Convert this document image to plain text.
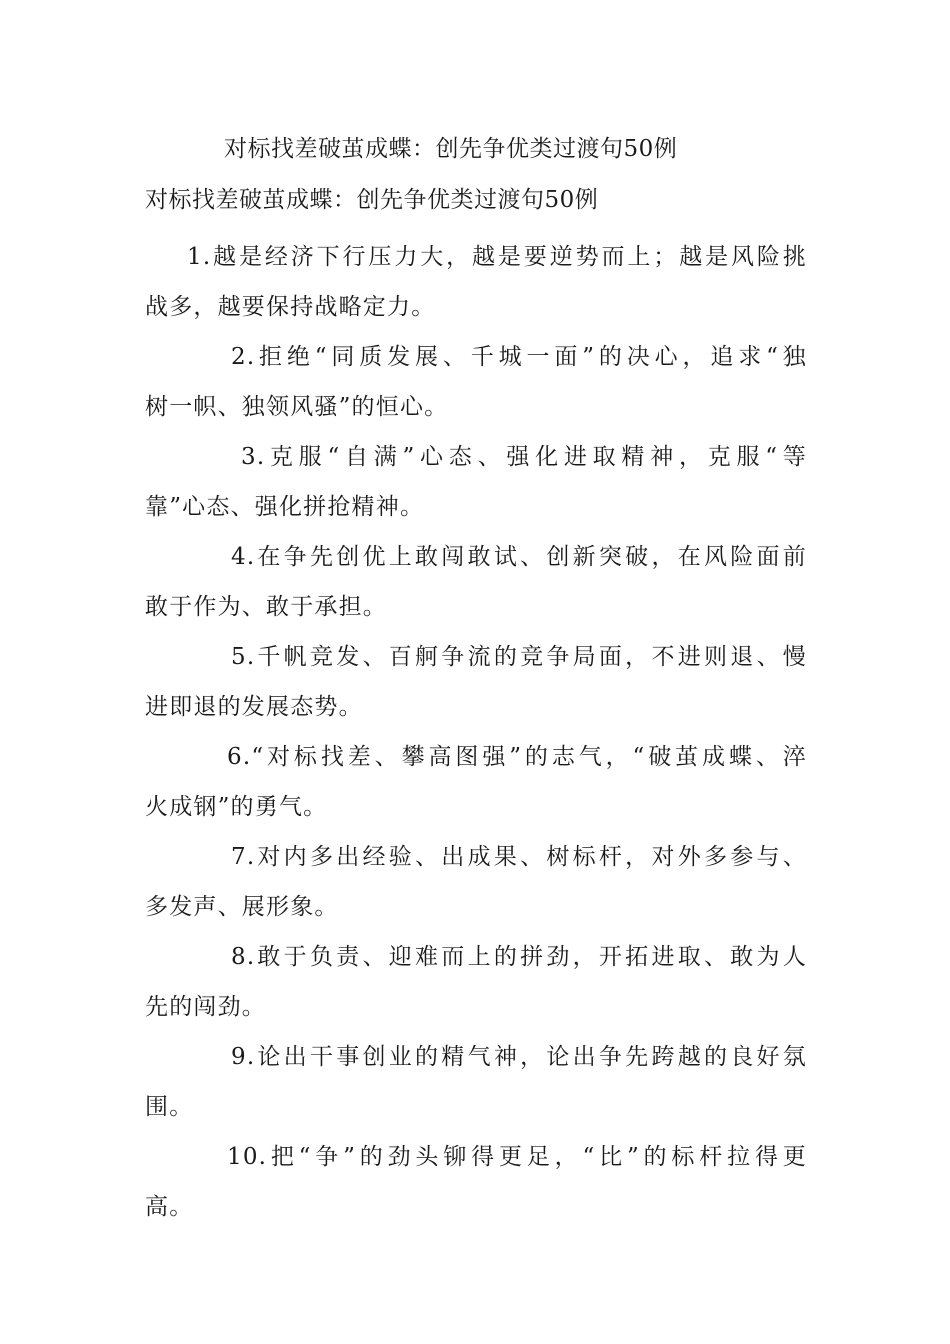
对标找差破茧成蝶：创先争优类过渡句50例
对标找差破茧成蝶：创先争优类过渡句50例
1.越是经济下行压力大，越是要逆势而上；越是风险挑
战多，越要保持战略定力。
2.拒绝“同质发展、千城一面”的决心，追求“独
树一帜、独领风骚”的恒心。
3.克服“自满”心态、强化进取精神，克服“等
靠”心态、强化拼抢精神。
4.在争先创优上敢闯敢试、创新突破，在风险面前
敢于作为、敢于承担。
5.千帆竞发、百舸争流的竞争局面，不进则退、慢
进即退的发展态势。
6.“对标找差、攀高图强”的志气，“破茧成蝶、淬
火成钢”的勇气。
7.对内多出经验、出成果、树标杆，对外多参与、
多发声、展形象。
8.敢于负责、迎难而上的拼劲，开拓进取、敢为人
先的闯劲。
9.论出干事创业的精气神，论出争先跨越的良好氛
围。
10.把“争”的劲头铆得更足，“比”的标杆拉得更
高。
